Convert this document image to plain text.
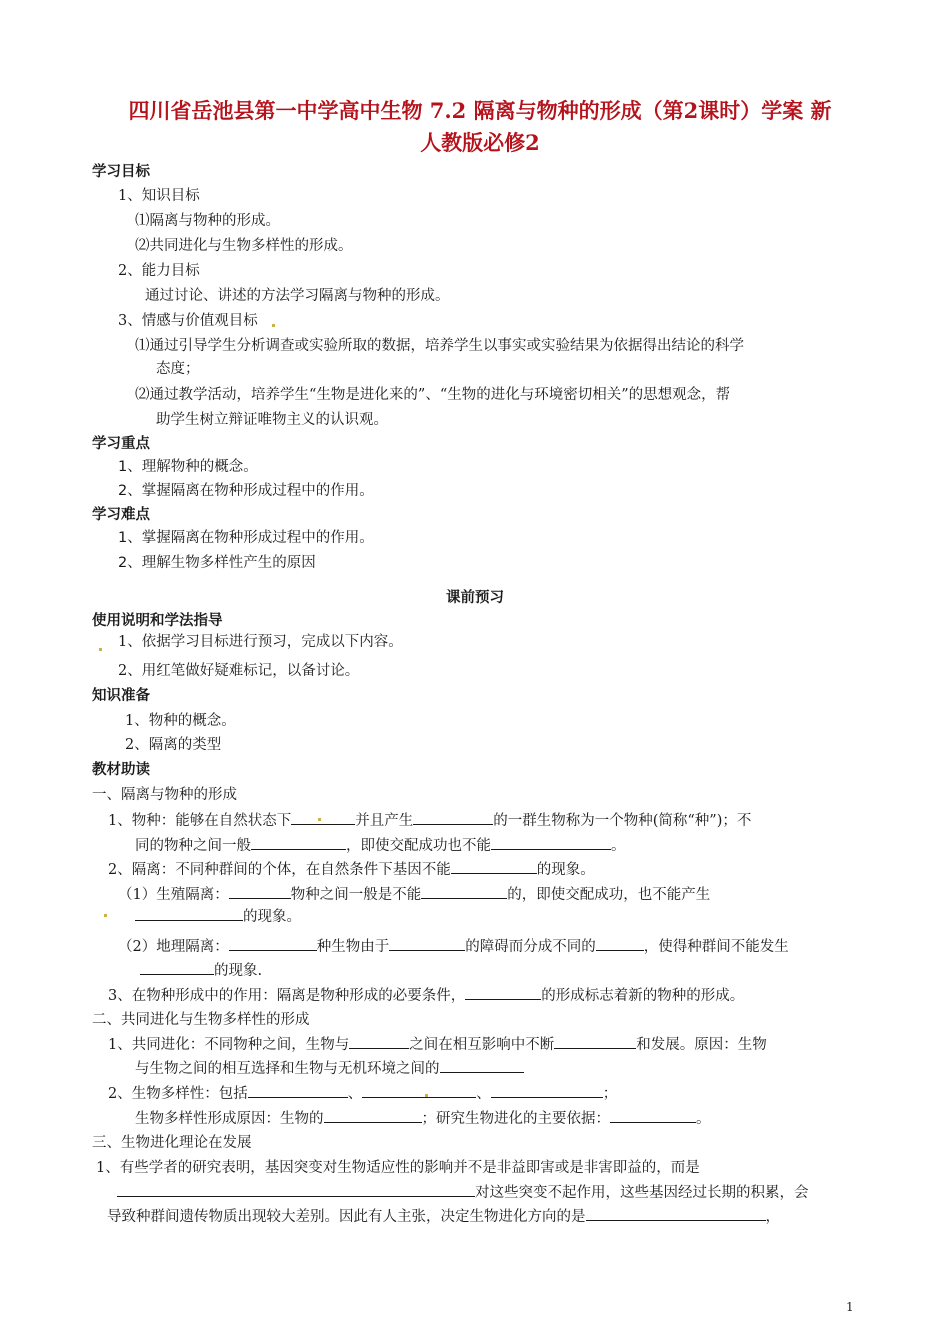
四川省岳池县第一中学高中生物 7.2 隔离与物种的形成（第2课时）学案 新
人教版必修2
学习目标
1、知识目标
⑴隔离与物种的形成。
⑵共同进化与生物多样性的形成。
2、能力目标
通过讨论、讲述的方法学习隔离与物种的形成。
3、情感与价值观目标
⑴通过引导学生分析调查或实验所取的数据，培养学生以事实或实验结果为依据得出结论的科学
态度；
⑵通过教学活动，培养学生“生物是进化来的”、“生物的进化与环境密切相关”的思想观念，帮
助学生树立辩证唯物主义的认识观。
学习重点
1、理解物种的概念。
2、掌握隔离在物种形成过程中的作用。
学习难点
1、掌握隔离在物种形成过程中的作用。
2、理解生物多样性产生的原因
课前预习
使用说明和学法指导
1、依据学习目标进行预习，完成以下内容。
2、用红笔做好疑难标记，以备讨论。
知识准备
1、物种的概念。
2、隔离的类型
教材助读
一、隔离与物种的形成
1、物种：能够在自然状态下	并且产生	的一群生物称为一个物种(简称“种”)；不
同的物种之间一般	，即使交配成功也不能	。
2、隔离：不同种群间的个体，在自然条件下基因不能	的现象。
（1）生殖隔离：	物种之间一般是不能	的，即使交配成功，也不能产生
的现象。
（2）地理隔离：	种生物由于	的障碍而分成不同的	，使得种群间不能发生
的现象.
3、在物种形成中的作用：隔离是物种形成的必要条件，	的形成标志着新的物种的形成。
二、共同进化与生物多样性的形成
1、共同进化：不同物种之间，生物与	之间在相互影响中不断	和发展。原因：生物
与生物之间的相互选择和生物与无机环境之间的
2、生物多样性：包括	、	、	；
生物多样性形成原因：生物的	；研究生物进化的主要依据：	。
三、生物进化理论在发展
1、有些学者的研究表明，基因突变对生物适应性的影响并不是非益即害或是非害即益的，而是
对这些突变不起作用，这些基因经过长期的积累，会
导致种群间遗传物质出现较大差别。因此有人主张，决定生物进化方向的是	，
1
